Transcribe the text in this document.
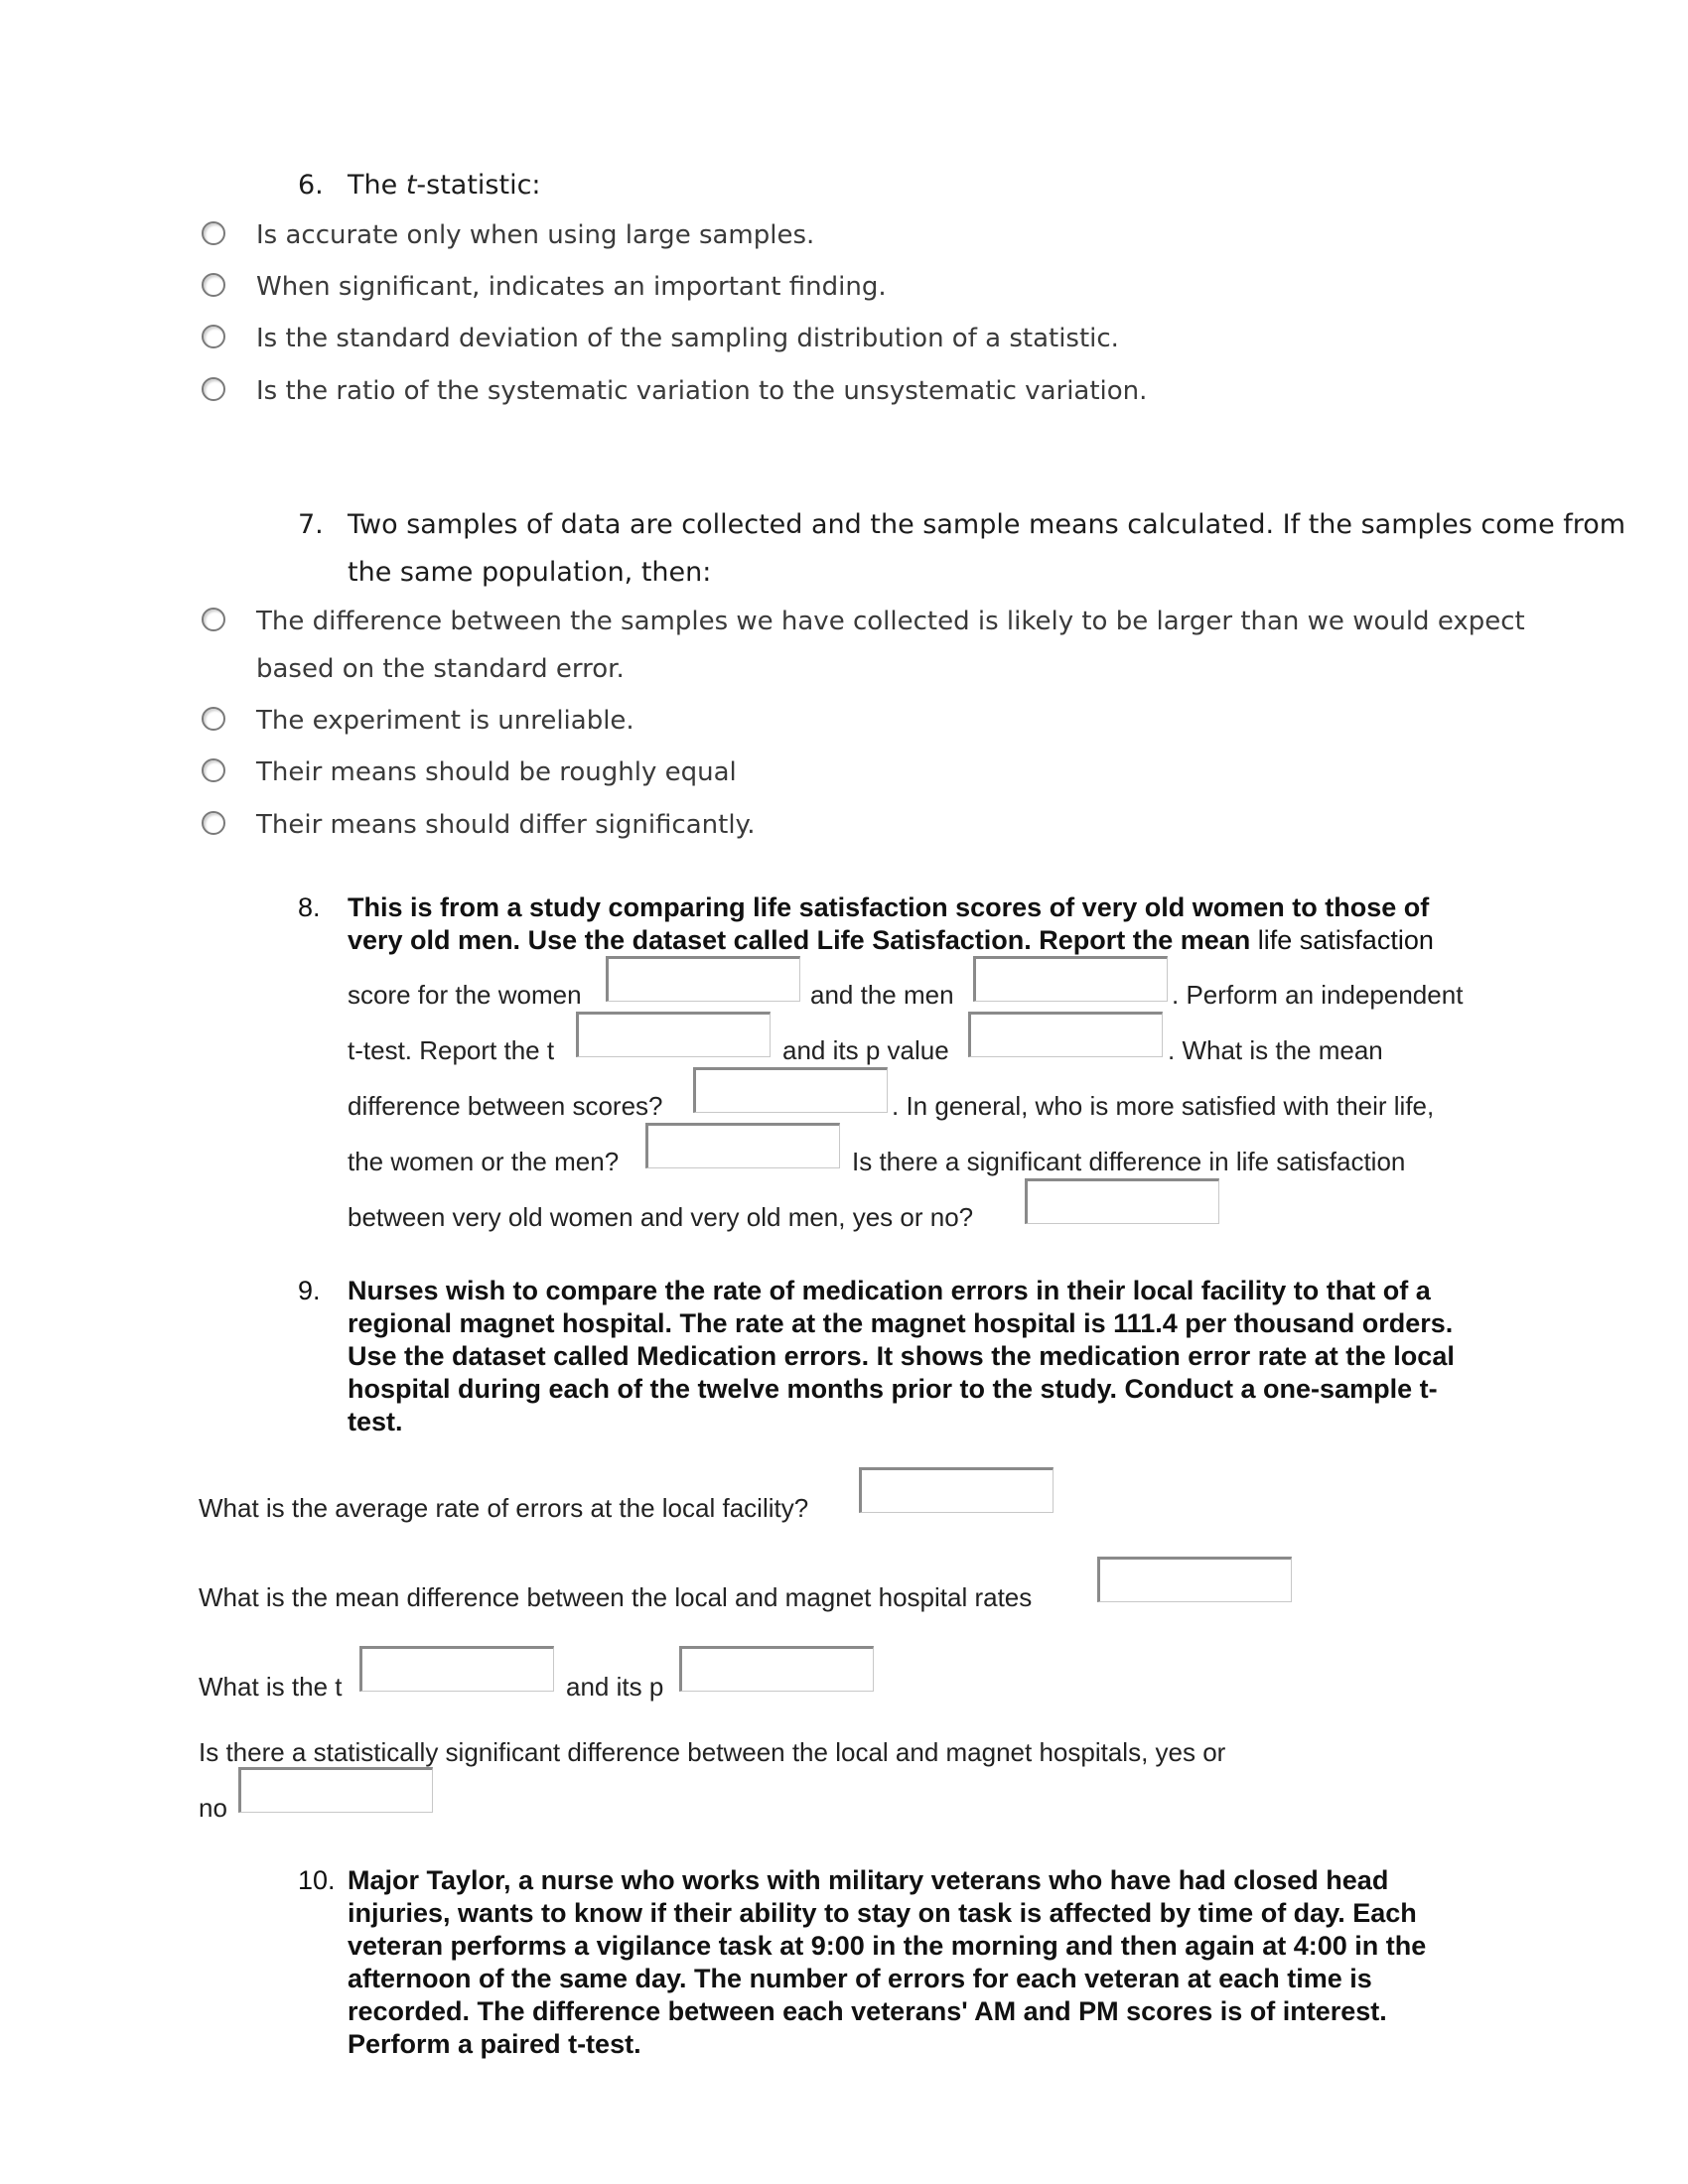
6. The t-statistic:
Is accurate only when using large samples.
When significant, indicates an important finding.
Is the standard deviation of the sampling distribution of a statistic.
Is the ratio of the systematic variation to the unsystematic variation.
7. Two samples of data are collected and the sample means calculated. If the samples come from
the same population, then:
The difference between the samples we have collected is likely to be larger than we would expect
based on the standard error.
The experiment is unreliable.
Their means should be roughly equal
Their means should differ significantly.
8. This is from a study comparing life satisfaction scores of very old women to those of
very old men. Use the dataset called Life Satisfaction. Report the mean life satisfaction
score for the women	and the men	. Perform an independent
t-test. Report the t	and its p value	. What is the mean
difference between scores?	. In general, who is more satisfied with their life,
the women or the men?	Is there a significant difference in life satisfaction
between very old women and very old men, yes or no?
9. Nurses wish to compare the rate of medication errors in their local facility to that of a
regional magnet hospital. The rate at the magnet hospital is 111.4 per thousand orders.
Use the dataset called Medication errors. It shows the medication error rate at the local
hospital during each of the twelve months prior to the study. Conduct a one-sample t-
test.
What is the average rate of errors at the local facility?
What is the mean difference between the local and magnet hospital rates
What is the t	and its p
Is there a statistically significant difference between the local and magnet hospitals, yes or
no
10. Major Taylor, a nurse who works with military veterans who have had closed head
injuries, wants to know if their ability to stay on task is affected by time of day. Each
veteran performs a vigilance task at 9:00 in the morning and then again at 4:00 in the
afternoon of the same day. The number of errors for each veteran at each time is
recorded. The difference between each veterans' AM and PM scores is of interest.
Perform a paired t-test.
